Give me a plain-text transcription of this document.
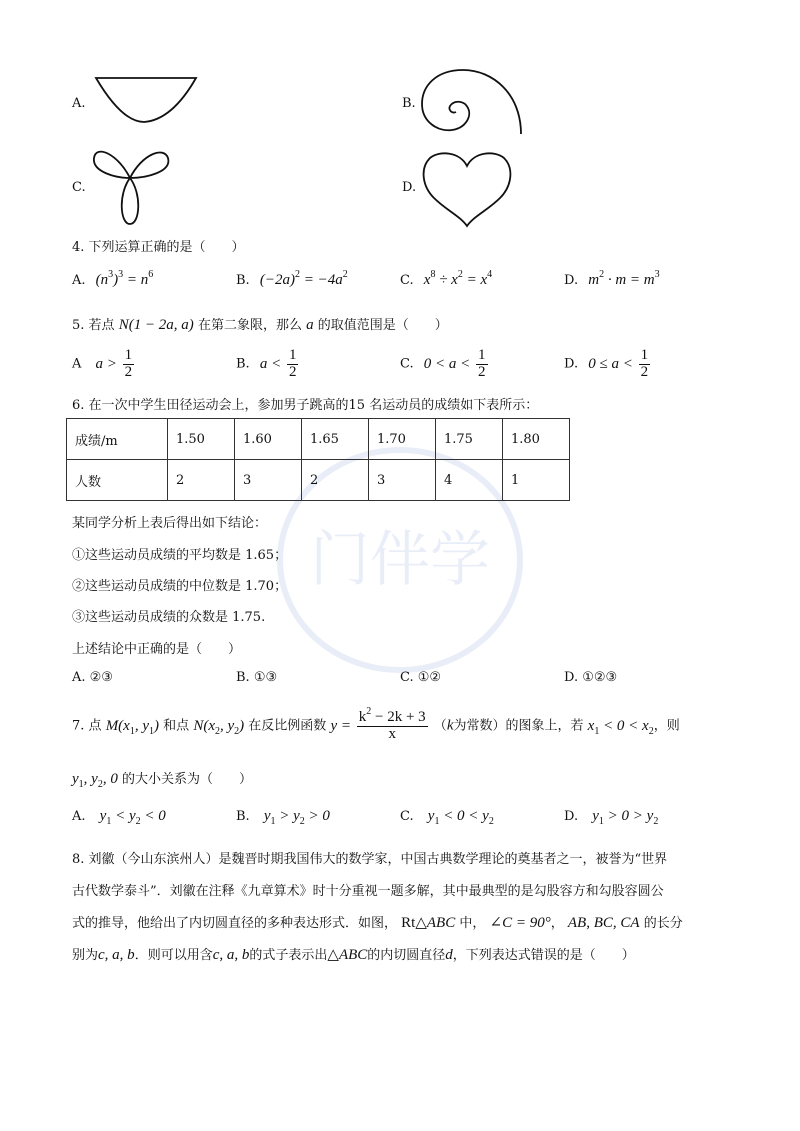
门伴学
A.	B.
C.	D.
4. 下列运算正确的是（　　）
A. $(n^3)^3 = n^6$	B. $(-2a)^2 = -4a^2$	C. $x^8 \div x^2 = x^4$	D. $m^2 \cdot m = m^3$
5. 若点 N(1 − 2a, a) 在第二象限，那么 a 的取值范围是（　　）
A $a > \frac{1}{2}$	B. $a < \frac{1}{2}$	C. $0 < a < \frac{1}{2}$	D. $0 \le a < \frac{1}{2}$
6. 在一次中学生田径运动会上，参加男子跳高的15 名运动员的成绩如下表所示：
成绩/m	1.50	1.60	1.65	1.70	1.75	1.80
人数	2	3	2	3	4	1
某同学分析上表后得出如下结论：
①这些运动员成绩的平均数是 1.65；
②这些运动员成绩的中位数是 1.70；
③这些运动员成绩的众数是 1.75.
上述结论中正确的是（　　）
A. ②③	B. ①③	C. ①②	D. ①②③
7. 点 $M(x_1$, $y_1$) 和点 $N(x_2$, $y_2$) 在反比例函数 $y = \frac{k^2 - 2k + 3}{x} (k$为常数）的图象上，若 $x_1 < 0 < x_2$，则
$y_1$, $y_2$, 0 的大小关系为（　　）
A. $y_1 < y_2 < 0$	B. $y_1 > y_2 > 0$	C. $y_1 < 0 < y_2$	D. $y_1 > 0 > y_2$
8. 刘徽（今山东滨州人）是魏晋时期我国伟大的数学家，中国古典数学理论的奠基者之一，被誉为“世界
古代数学泰斗”．刘徽在注释《九章算术》时十分重视一题多解，其中最典型的是勾股容方和勾股容圆公
式的推导，他给出了内切圆直径的多种表达形式．如图， Rt△ABC 中， ∠C = 90°， AB, BC, CA 的长分
别为c, a, b．则可以用含c, a, b的式子表示出△ABC的内切圆直径d，下列表达式错误的是（　　）
